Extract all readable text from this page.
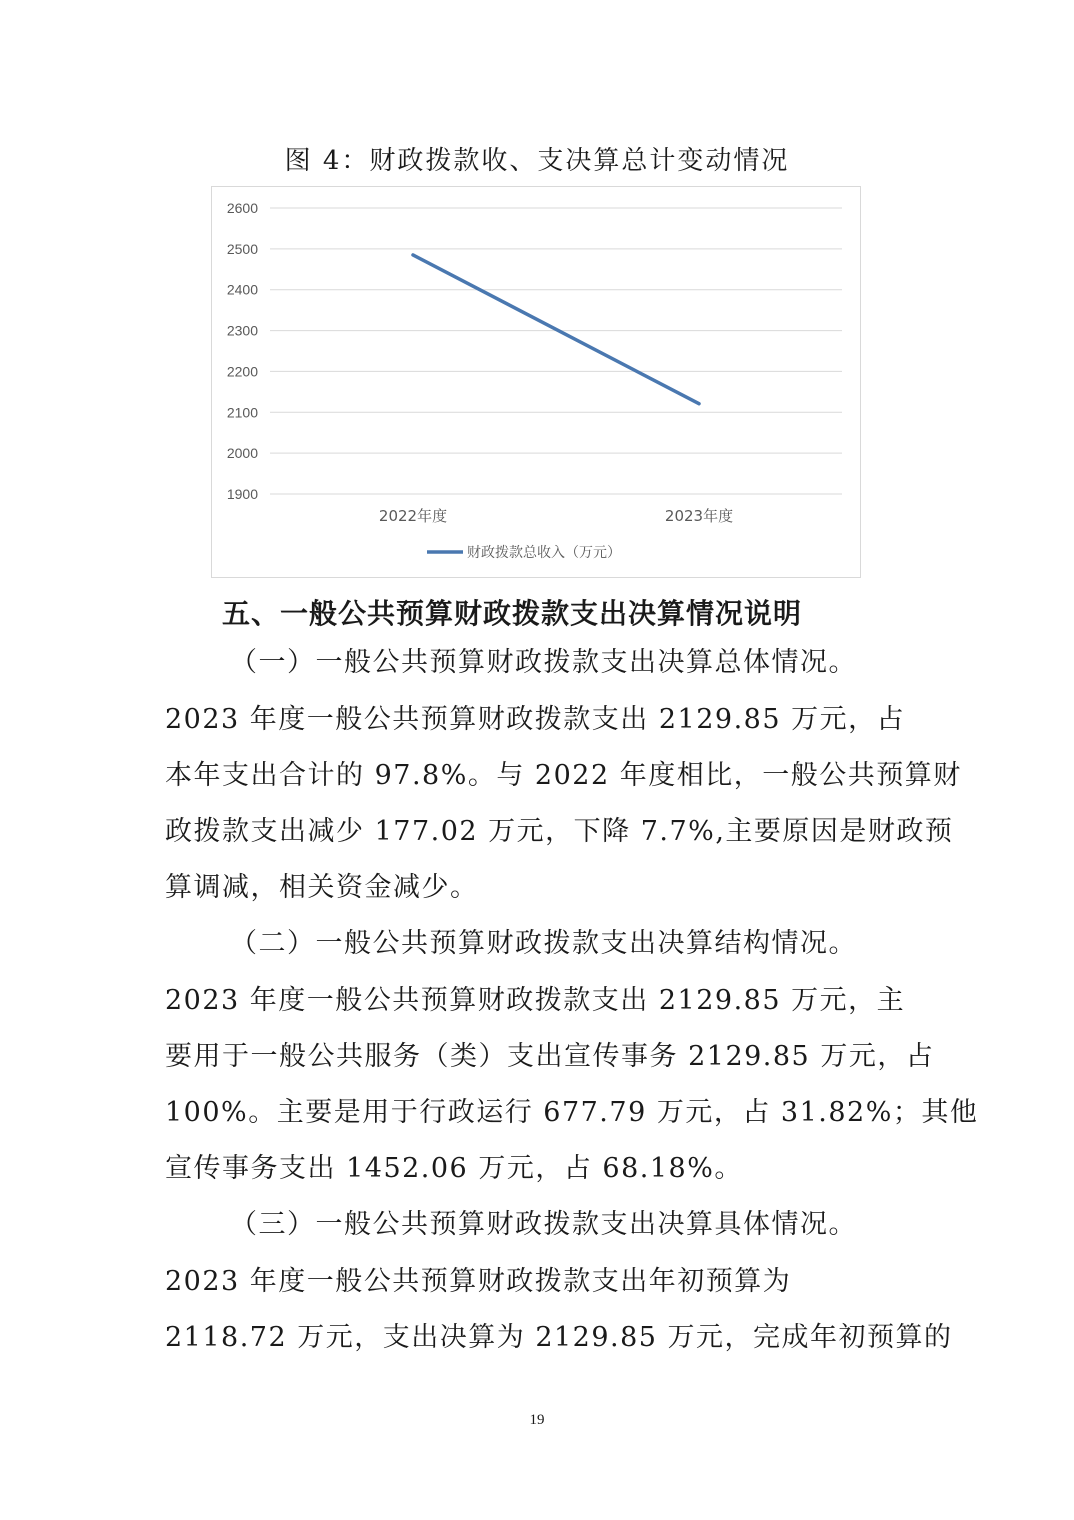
图 4：财政拨款收、支决算总计变动情况
2600
2500
2400
2300
2200
2100
2000
1900
2022年度	2023年度
财政拨款总收入（万元）
五、一般公共预算财政拨款支出决算情况说明
（一）一般公共预算财政拨款支出决算总体情况。
2023 年度一般公共预算财政拨款支出 2129.85 万元，占
本年支出合计的 97.8%。与 2022 年度相比，一般公共预算财
政拨款支出减少 177.02 万元，下降 7.7%,主要原因是财政预
算调减，相关资金减少。
（二）一般公共预算财政拨款支出决算结构情况。
2023 年度一般公共预算财政拨款支出 2129.85 万元，主
要用于一般公共服务（类）支出宣传事务 2129.85 万元，占
100%。主要是用于行政运行 677.79 万元，占 31.82%；其他
宣传事务支出 1452.06 万元，占 68.18%。
（三）一般公共预算财政拨款支出决算具体情况。
2023 年度一般公共预算财政拨款支出年初预算为
2118.72 万元，支出决算为 2129.85 万元，完成年初预算的
19
